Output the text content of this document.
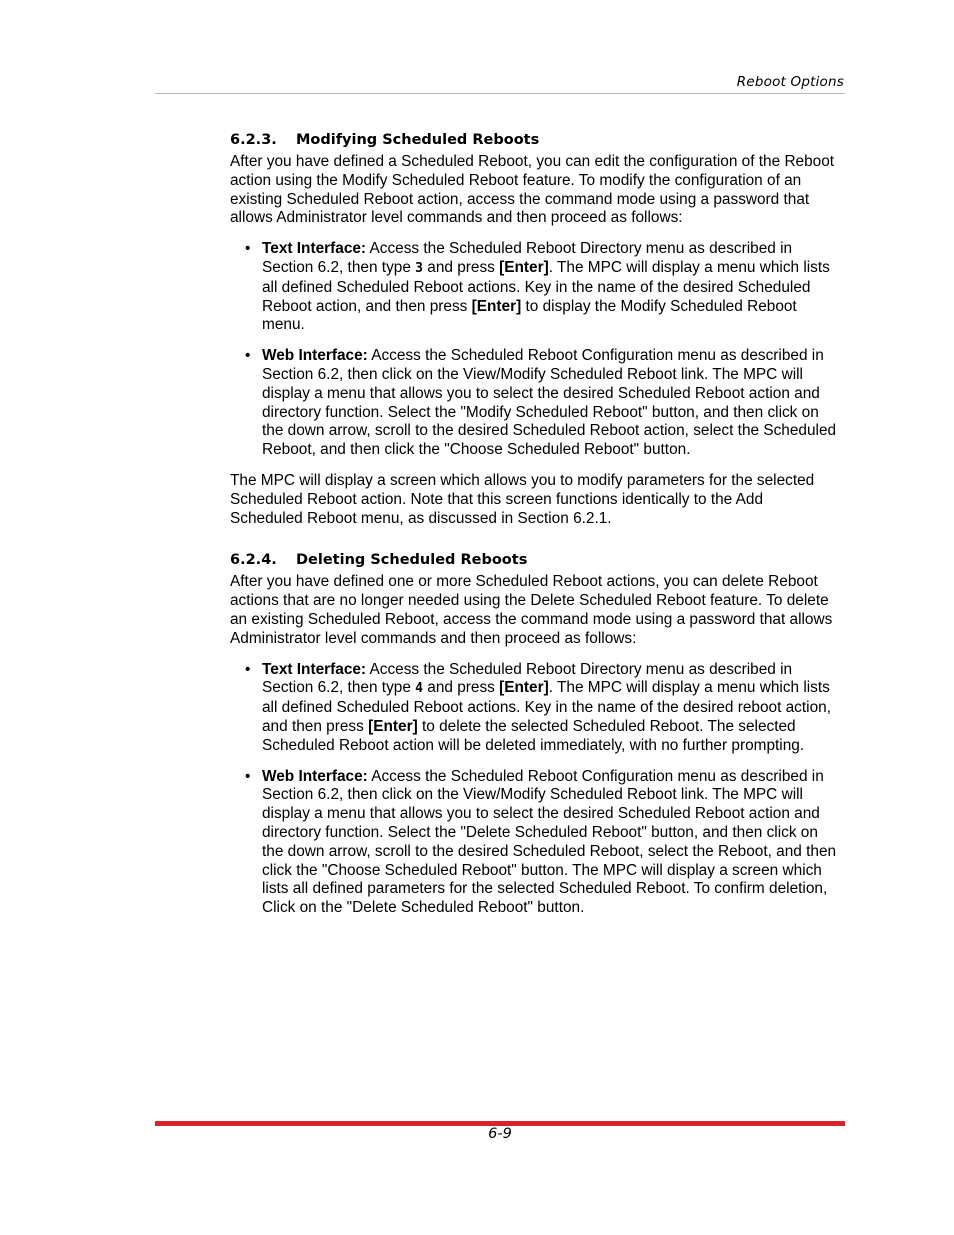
Reboot Options
6.2.3.	Modifying Scheduled Reboots

After you have defined a Scheduled Reboot, you can edit the configuration of the Reboot action using the Modify Scheduled Reboot feature. To modify the configuration of an existing Scheduled Reboot action, access the command mode using a password that allows Administrator level commands and then proceed as follows:

• Text Interface: Access the Scheduled Reboot Directory menu as described in Section 6.2, then type 3 and press [Enter]. The MPC will display a menu which lists all defined Scheduled Reboot actions. Key in the name of the desired Scheduled Reboot action, and then press [Enter] to display the Modify Scheduled Reboot menu.
• Web Interface: Access the Scheduled Reboot Configuration menu as described in Section 6.2, then click on the View/Modify Scheduled Reboot link. The MPC will display a menu that allows you to select the desired Scheduled Reboot action and directory function. Select the "Modify Scheduled Reboot" button, and then click on the down arrow, scroll to the desired Scheduled Reboot action, select the Scheduled Reboot, and then click the "Choose Scheduled Reboot" button.

The MPC will display a screen which allows you to modify parameters for the selected Scheduled Reboot action. Note that this screen functions identically to the Add Scheduled Reboot menu, as discussed in Section 6.2.1.

6.2.4.	Deleting Scheduled Reboots

After you have defined one or more Scheduled Reboot actions, you can delete Reboot actions that are no longer needed using the Delete Scheduled Reboot feature. To delete an existing Scheduled Reboot, access the command mode using a password that allows Administrator level commands and then proceed as follows:

• Text Interface: Access the Scheduled Reboot Directory menu as described in Section 6.2, then type 4 and press [Enter]. The MPC will display a menu which lists all defined Scheduled Reboot actions. Key in the name of the desired reboot action, and then press [Enter] to delete the selected Scheduled Reboot. The selected Scheduled Reboot action will be deleted immediately, with no further prompting.
• Web Interface: Access the Scheduled Reboot Configuration menu as described in Section 6.2, then click on the View/Modify Scheduled Reboot link. The MPC will display a menu that allows you to select the desired Scheduled Reboot action and directory function. Select the "Delete Scheduled Reboot" button, and then click on the down arrow, scroll to the desired Scheduled Reboot, select the Reboot, and then click the "Choose Scheduled Reboot" button. The MPC will display a screen which lists all defined parameters for the selected Scheduled Reboot. To confirm deletion, Click on the "Delete Scheduled Reboot" button.
6-9
